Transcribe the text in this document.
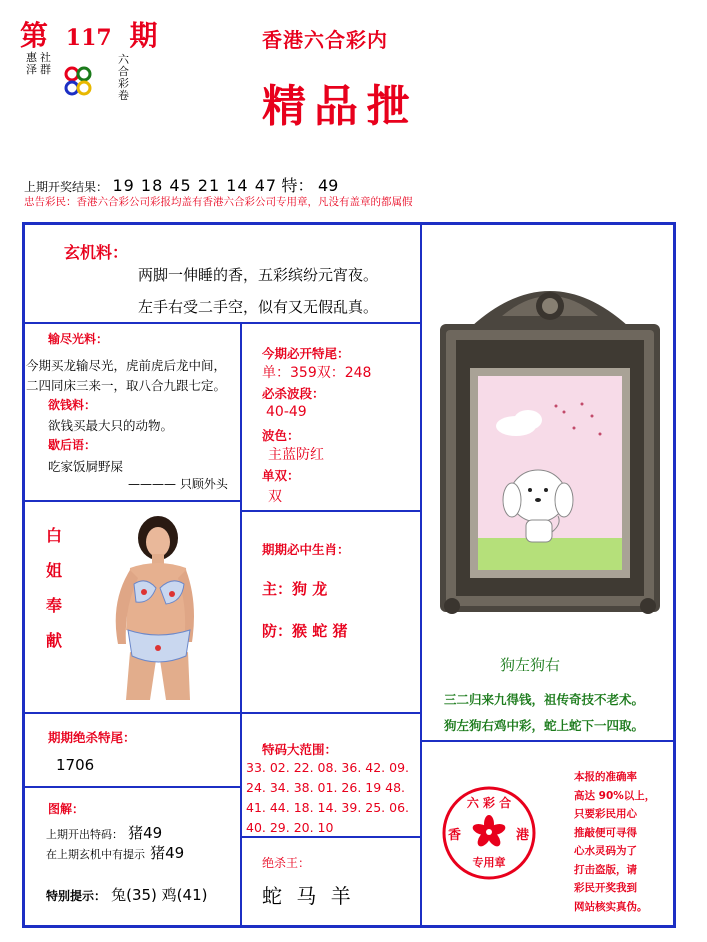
第 117 期
惠泽
社群
六合彩卷
香港六合彩内
精品抴
上期开奖结果： 19 18 45 21 14 47 特： 49
忠告彩民：香港六合彩公司彩报均盖有香港六合彩公司专用章，凡没有盖章的都属假
玄机料：
两脚一伸睡的香，五彩缤纷元宵夜。
左手右受二手空，似有又无假乱真。
输尽光料：
今期买龙输尽光，虎前虎后龙中间，
二四同床三来一，取八合九跟七定。
欲钱料：
欲钱买最大只的动物。
歇后语：
吃家饭屙野屎
———— 只顾外头
今期必开特尾：
单：359双：248
必杀波段：
40-49
波色：
主蓝防红
单双：
双
白
姐
奉
献
期期必中生肖：
主：狗 龙
防：猴 蛇 猪
狗左狗右
三二归来九得钱，祖传奇技不老术。
狗左狗右鸡中彩，蛇上蛇下一四取。
期期绝杀特尾：
1706
特码大范围：
33. 02. 22. 08. 36. 42. 09.
24. 34. 38. 01. 26. 19 48.
41. 44. 18. 14. 39. 25. 06.
40. 29. 20. 10
图解：
上期开出特码： 猪49
在上期玄机中有提示 猪49
特别提示： 兔(35) 鸡(41)
绝杀王：
蛇 马 羊
六 彩 合
香	港
专用章
本报的准确率
高达 90%以上，
只要彩民用心
推敲便可寻得
心水灵码为了
打击盗版，请
彩民开奖我到
网站核实真伪。
